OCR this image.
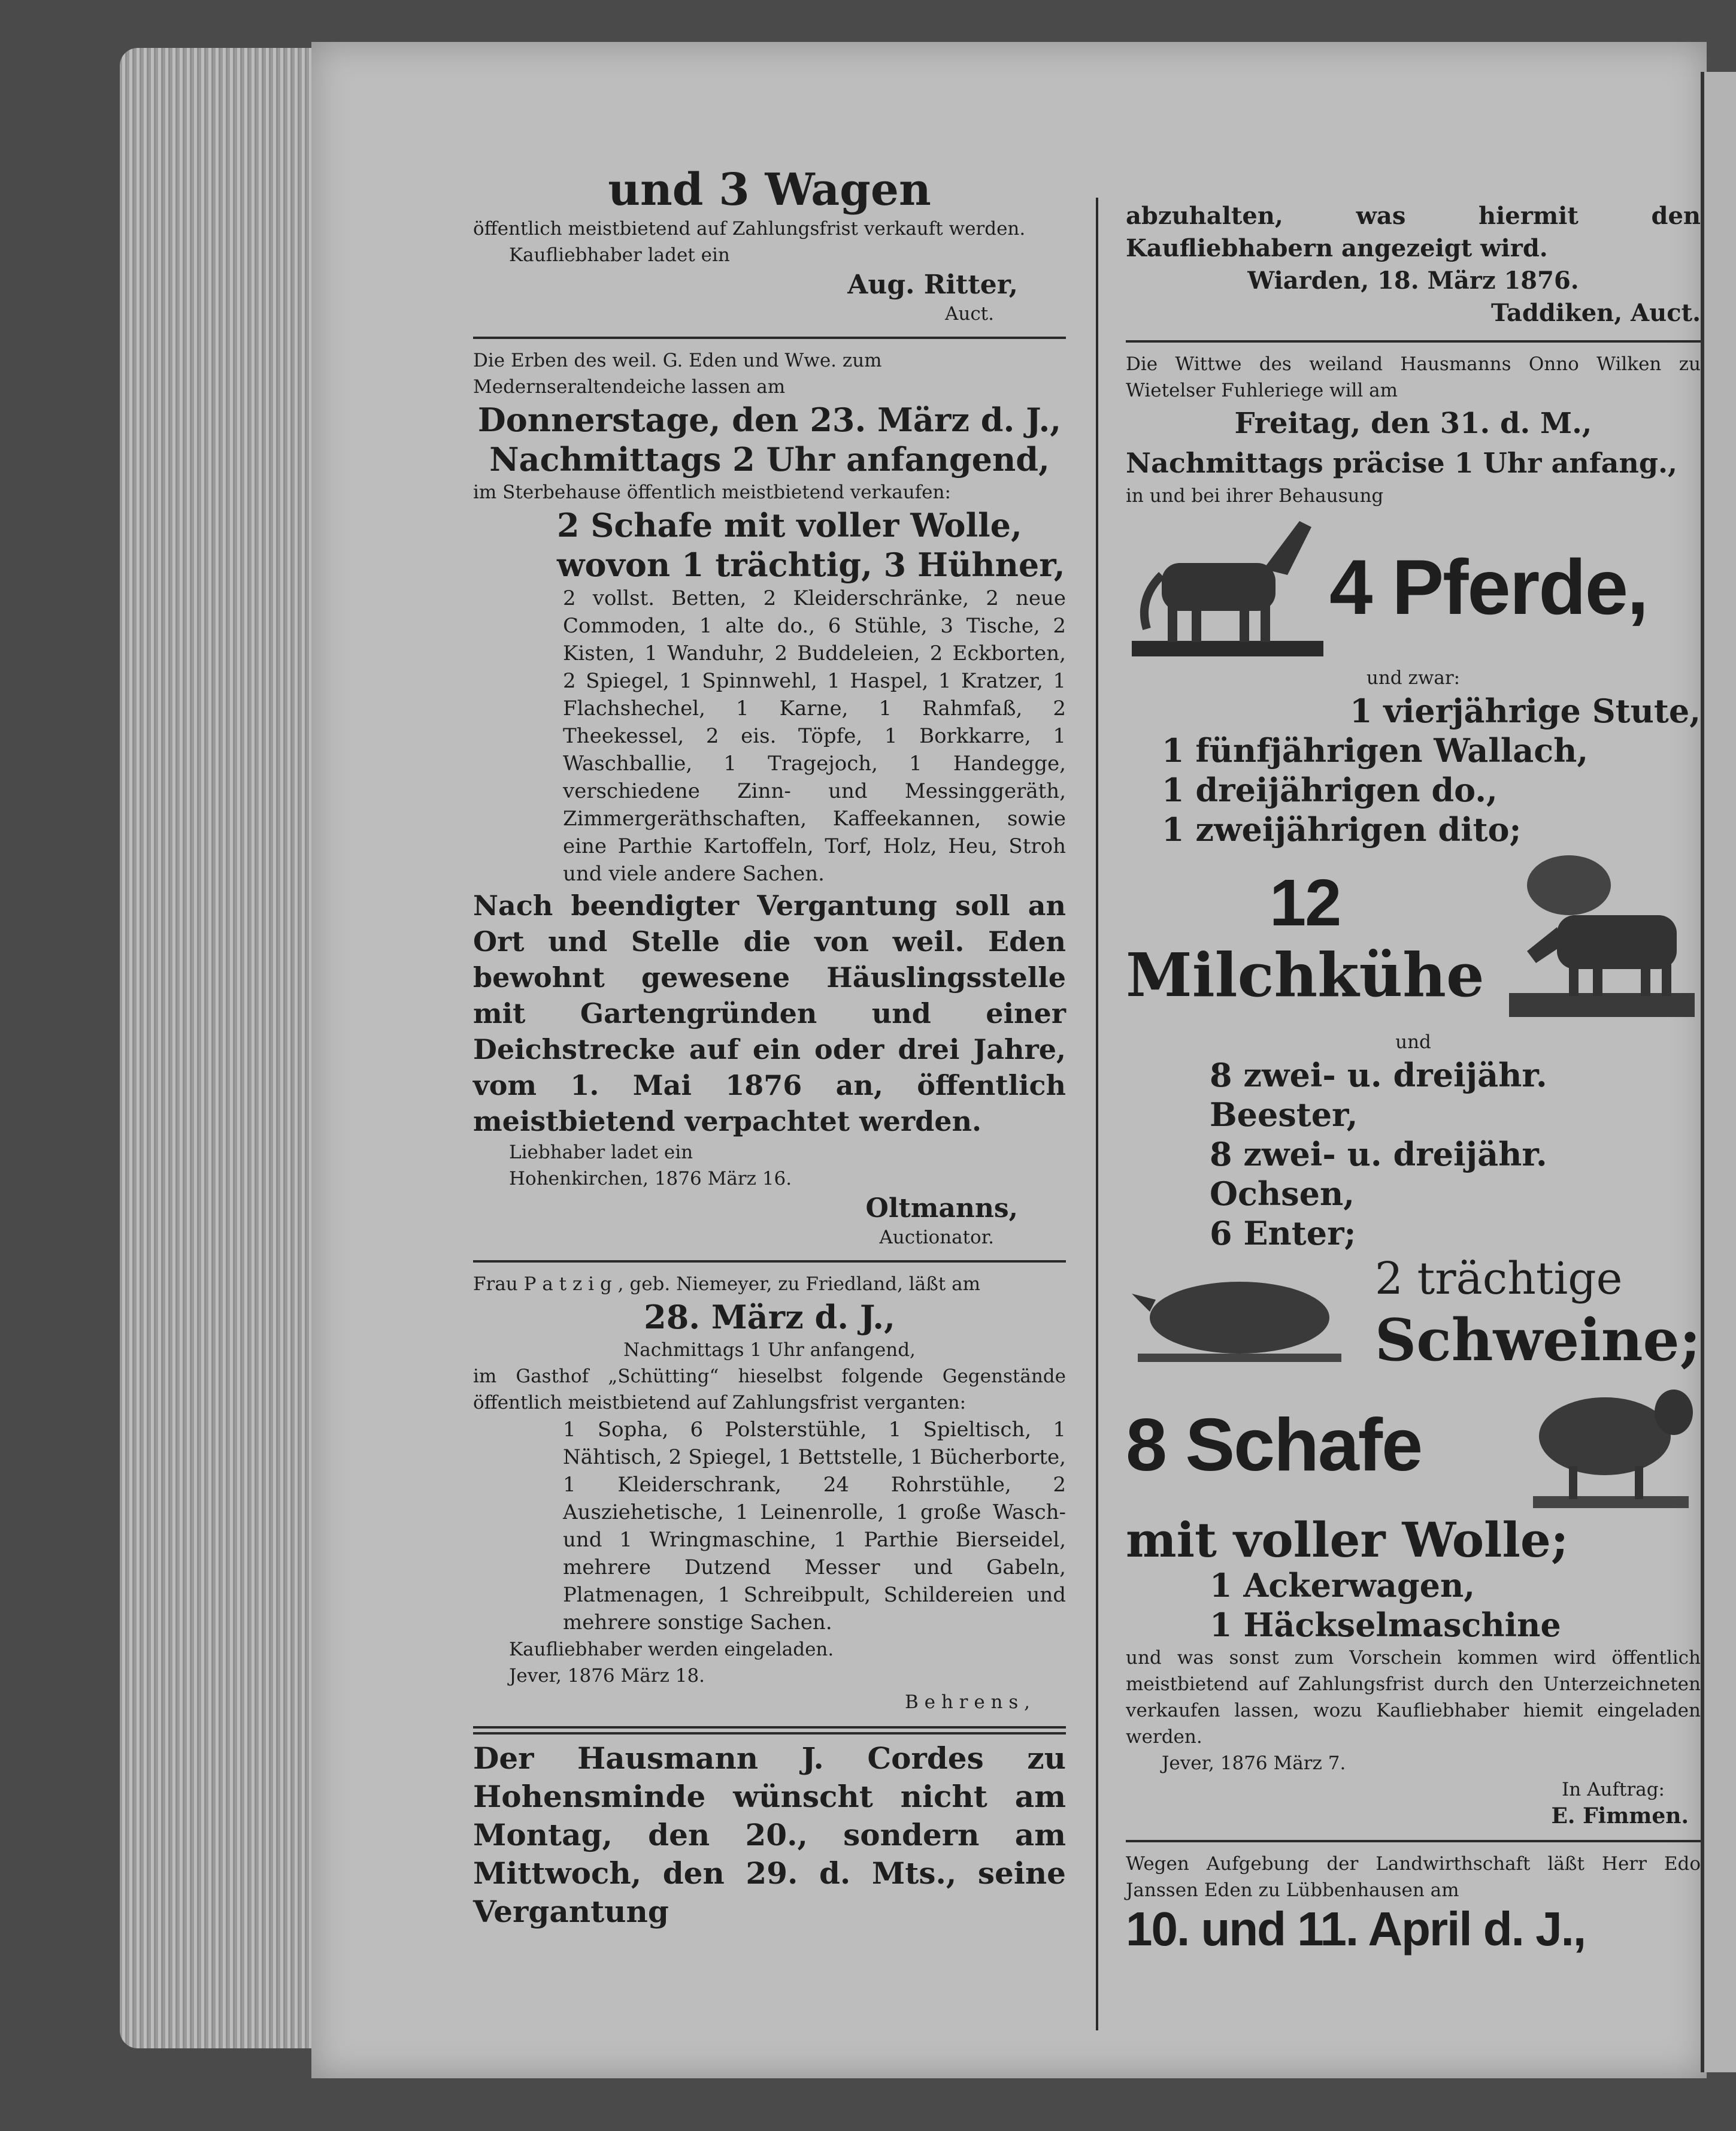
und 3 Wagen

öffentlich meistbietend auf Zahlungsfrist verkauft werden.

Kaufliebhaber ladet ein

Aug. Ritter,

Auct.

Die Erben des weil. G. Eden und Wwe. zum

Medernseraltendeiche lassen am

Donnerstage, den 23. März d. J.,

Nachmittags 2 Uhr anfangend,

im Sterbehause öffentlich meistbietend verkaufen:

2 Schafe mit voller Wolle,

wovon 1 trächtig, 3 Hühner,

2 vollst. Betten, 2 Kleiderschränke, 2 neue Commoden, 1 alte do., 6 Stühle, 3 Tische, 2 Kisten, 1 Wanduhr, 2 Buddeleien, 2 Eckborten, 2 Spiegel, 1 Spinnwehl, 1 Haspel, 1 Kratzer, 1 Flachshechel, 1 Karne, 1 Rahmfaß, 2 Theekessel, 2 eis. Töpfe, 1 Borkkarre, 1 Waschballie, 1 Tragejoch, 1 Handegge, verschiedene Zinn- und Messinggeräth, Zimmergeräthschaften, Kaffeekannen, sowie eine Parthie Kartoffeln, Torf, Holz, Heu, Stroh und viele andere Sachen.

Nach beendigter Vergantung soll an Ort und Stelle die von weil. Eden bewohnt gewesene Häuslingsstelle mit Gartengründen und einer Deichstrecke auf ein oder drei Jahre, vom 1. Mai 1876 an, öffentlich meistbietend verpachtet werden.

Liebhaber ladet ein

Hohenkirchen, 1876 März 16.

Oltmanns,

Auctionator.

Frau P a t z i g , geb. Niemeyer, zu Friedland, läßt am

28. März d. J.,

Nachmittags 1 Uhr anfangend,

im Gasthof „Schütting“ hieselbst folgende Gegenstände öffentlich meistbietend auf Zahlungsfrist verganten:

1 Sopha, 6 Polsterstühle, 1 Spieltisch, 1 Nähtisch, 2 Spiegel, 1 Bettstelle, 1 Bücherborte, 1 Kleiderschrank, 24 Rohrstühle, 2 Ausziehetische, 1 Leinenrolle, 1 große Wasch- und 1 Wringmaschine, 1 Parthie Bierseidel, mehrere Dutzend Messer und Gabeln, Platmenagen, 1 Schreibpult, Schildereien und mehrere sonstige Sachen.

Kaufliebhaber werden eingeladen.

Jever, 1876 März 18.

B e h r e n s ,

Der Hausmann J. Cordes zu Hohensminde wünscht nicht am Montag, den 20., sondern am Mittwoch, den 29. d. Mts., seine Vergantung

abzuhalten, was hiermit den Kaufliebhabern angezeigt wird.

Wiarden, 18. März 1876.

Taddiken, Auct.

Die Wittwe des weiland Hausmanns Onno Wilken zu Wietelser Fuhleriege will am

Freitag, den 31. d. M.,

Nachmittags präcise 1 Uhr anfang.,

in und bei ihrer Behausung

4 Pferde,

und zwar:

1 vierjährige Stute,

1 fünfjährigen Wallach,

1 dreijährigen do.,

1 zweijährigen dito;

12

Milchkühe

und

8 zwei- u. dreijähr. Beester,

8 zwei- u. dreijähr. Ochsen,

6 Enter;

2 trächtige

Schweine;

8 Schafe

mit voller Wolle;

1 Ackerwagen,

1 Häckselmaschine

und was sonst zum Vorschein kommen wird öffentlich meistbietend auf Zahlungsfrist durch den Unterzeichneten verkaufen lassen, wozu Kaufliebhaber hiemit eingeladen werden.

Jever, 1876 März 7.

In Auftrag:

E. Fimmen.

Wegen Aufgebung der Landwirthschaft läßt Herr Edo Janssen Eden zu Lübbenhausen am

10. und 11. April d. J.,
